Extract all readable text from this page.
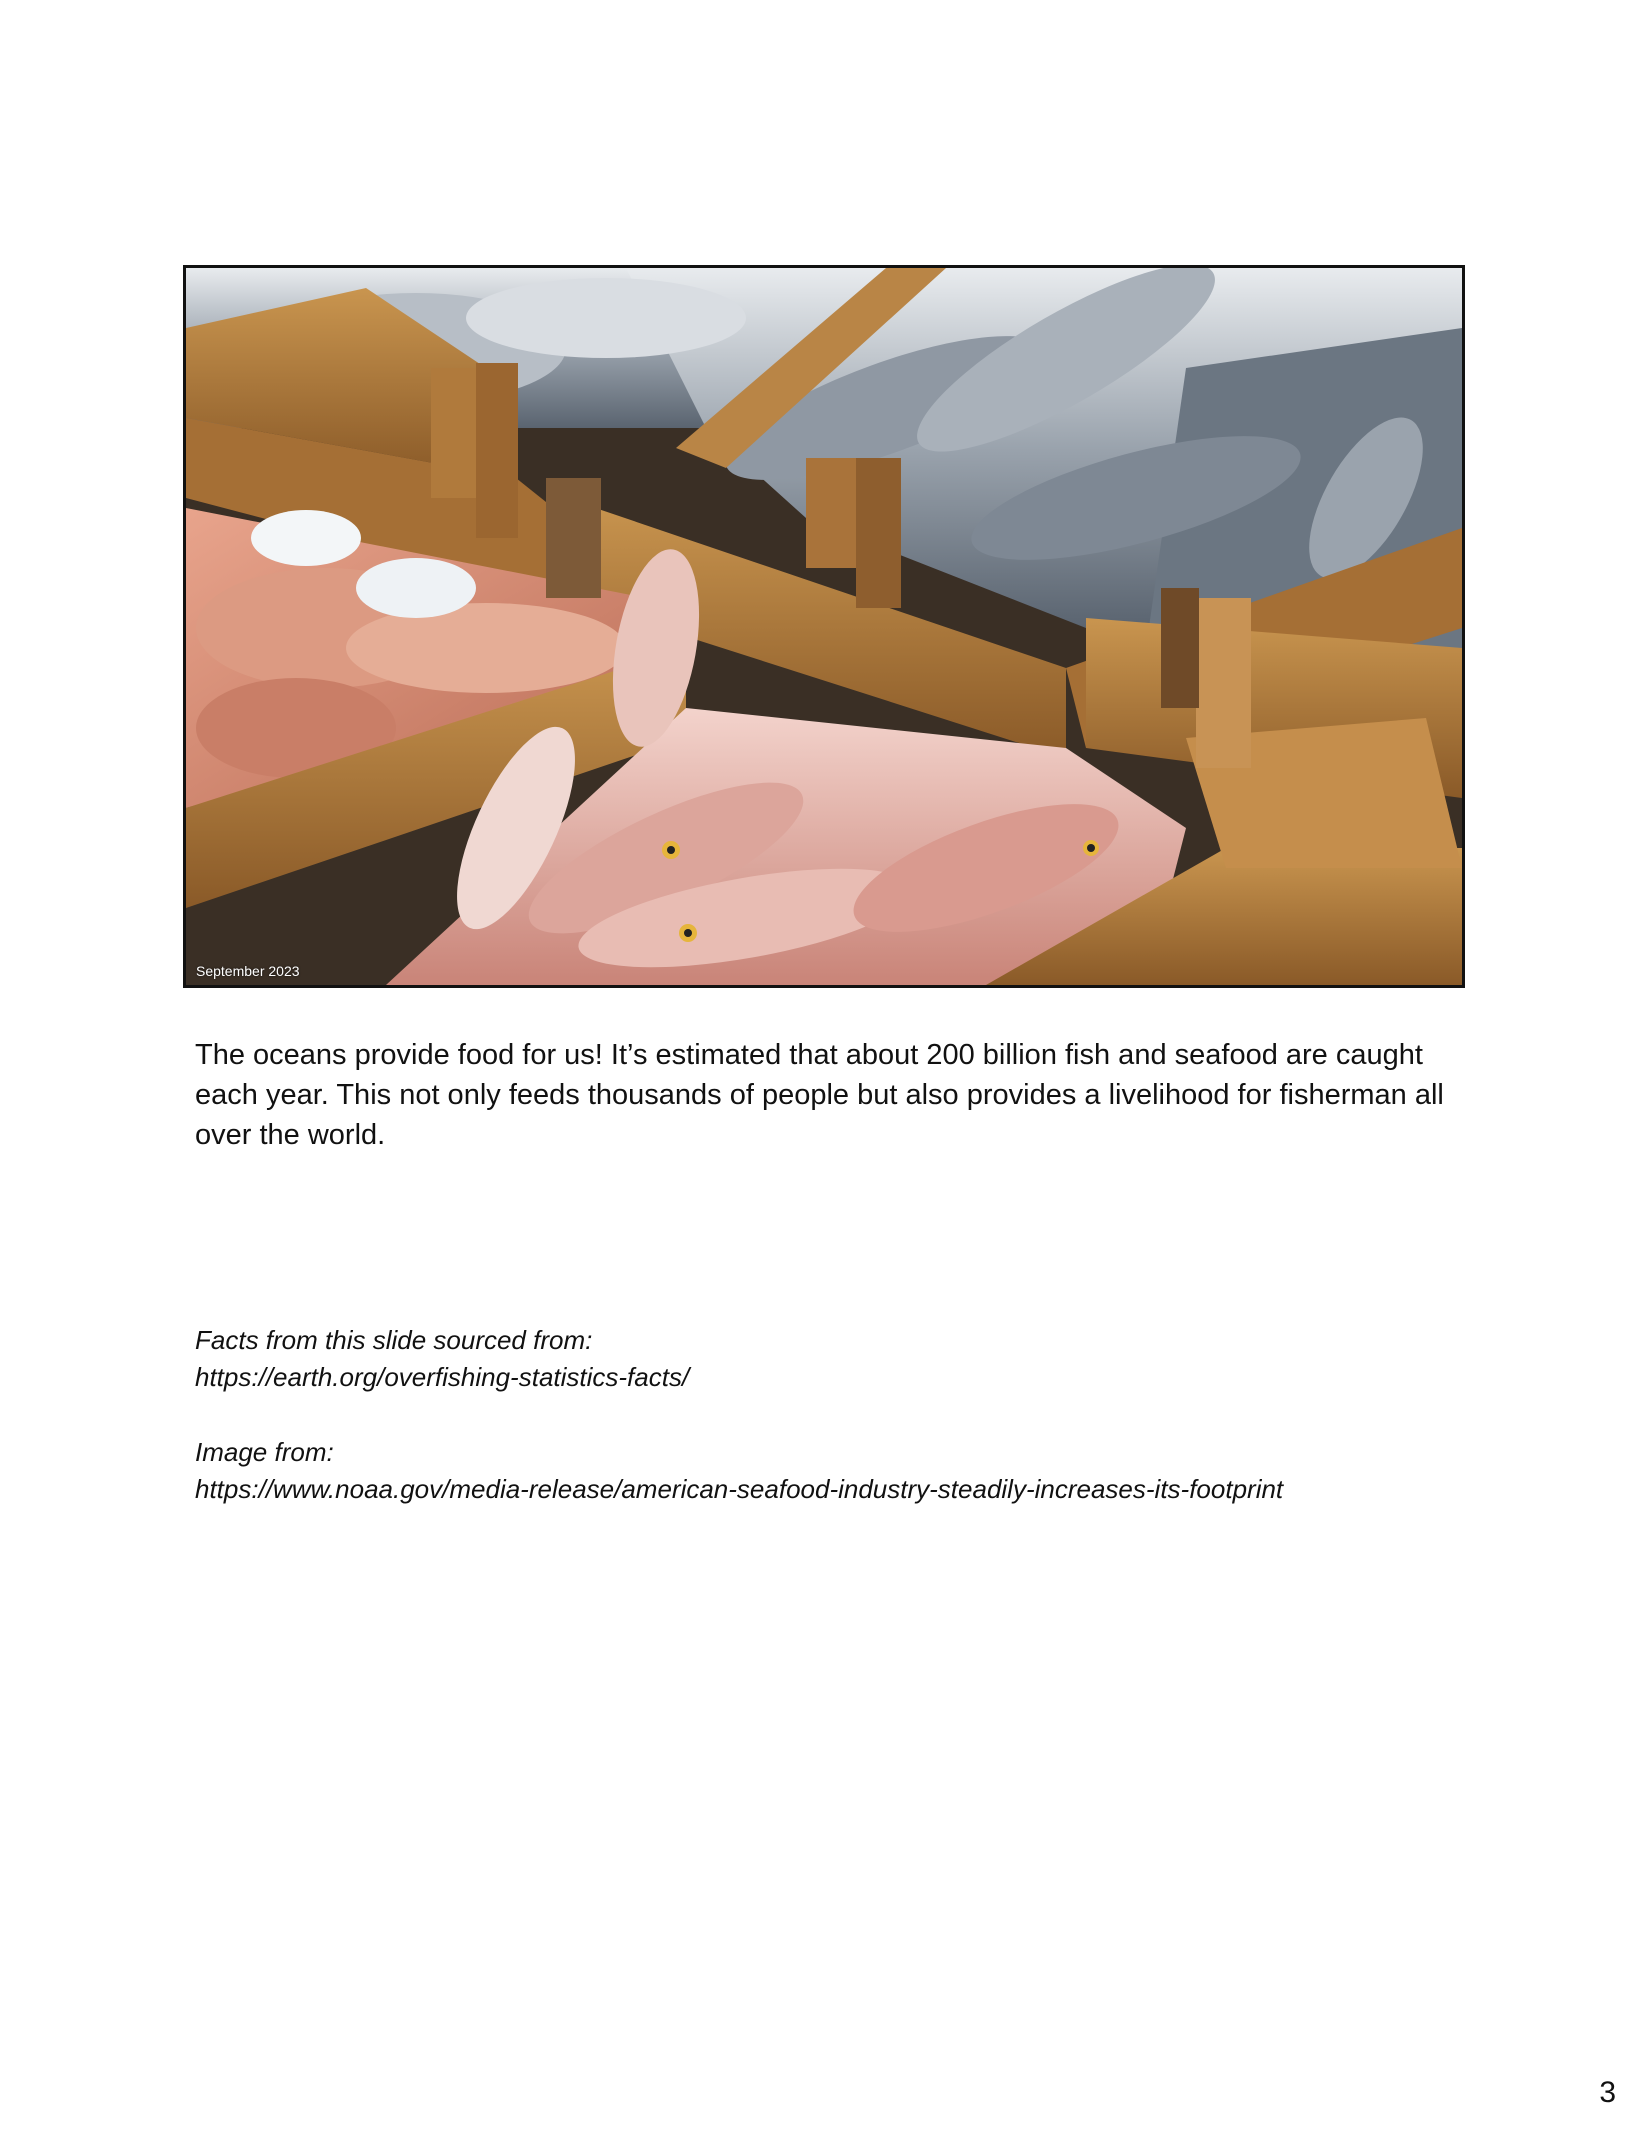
September 2023

The oceans provide food for us! It’s estimated that about 200 billion fish and seafood are caught each year. This not only feeds thousands of people but also provides a livelihood for fisherman all over the world.

Facts from this slide sourced from:

https://earth.org/overfishing-statistics-facts/

Image from:

https://www.noaa.gov/media-release/american-seafood-industry-steadily-increases-its-footprint

3
